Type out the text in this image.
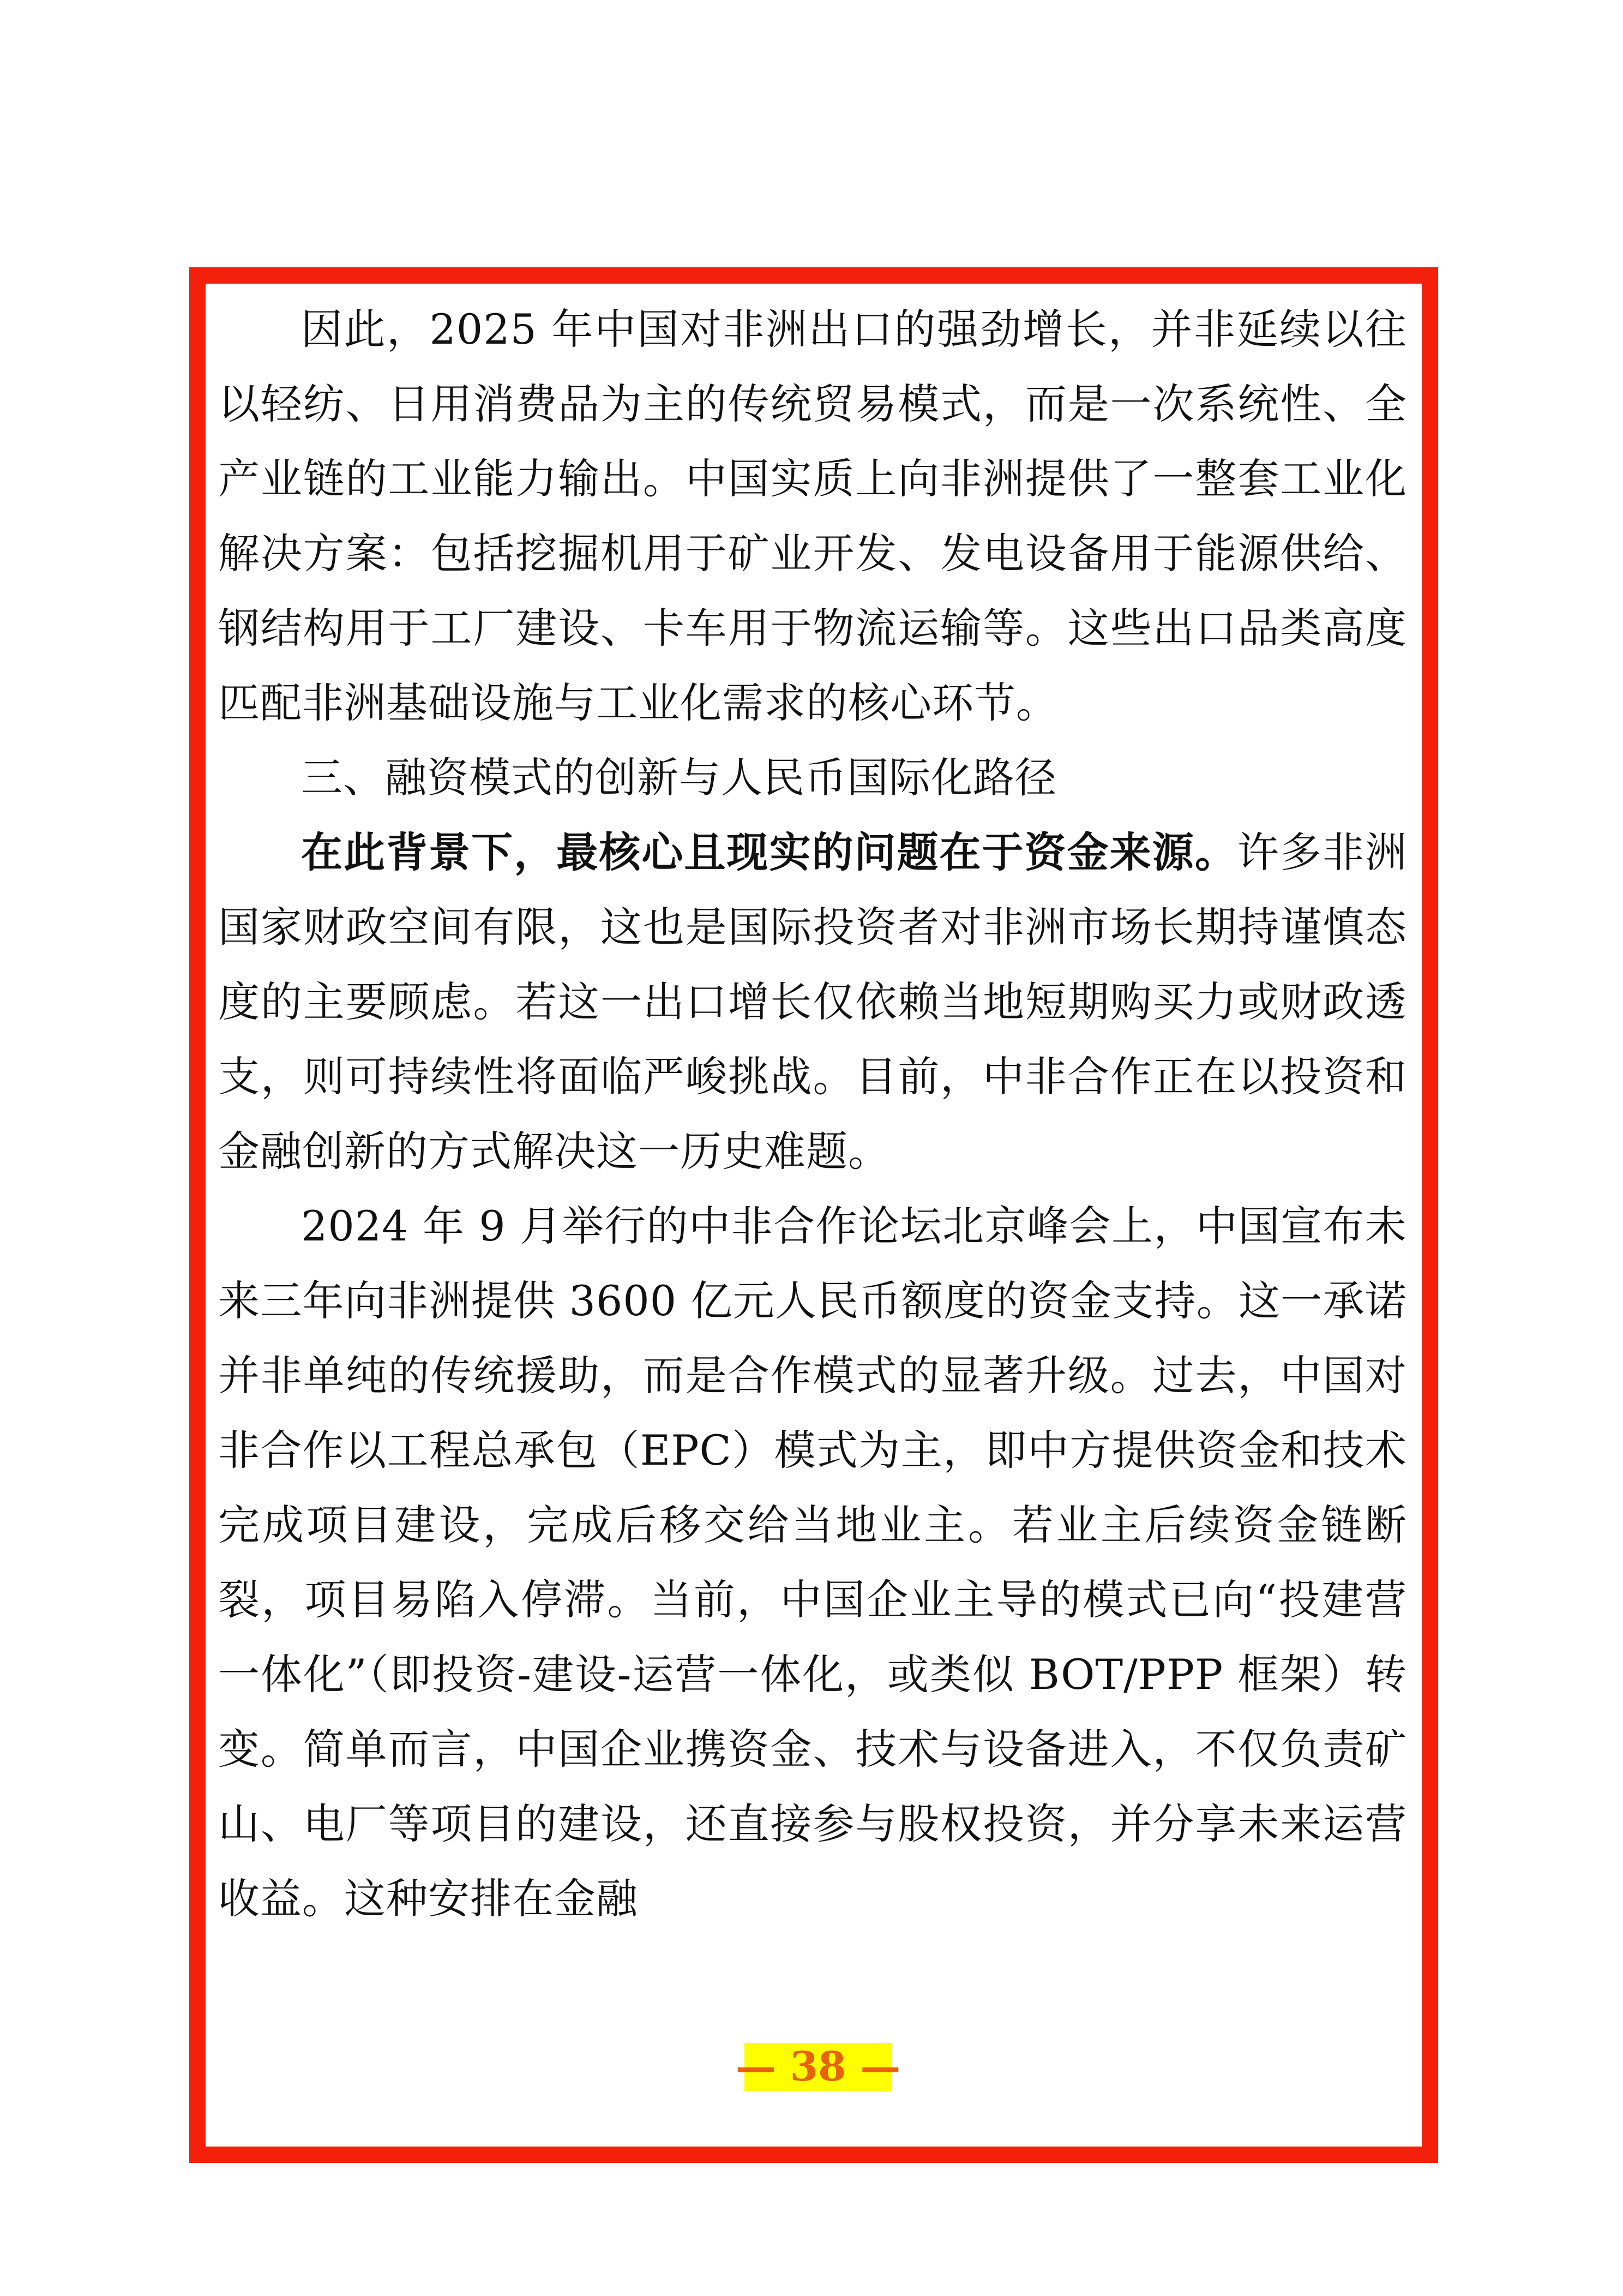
因此，2025 年中国对非洲出口的强劲增长，并非延续以往以轻纺、日用消费品为主的传统贸易模式，而是一次系统性、全产业链的工业能力输出。中国实质上向非洲提供了一整套工业化解决方案：包括挖掘机用于矿业开发、发电设备用于能源供给、钢结构用于工厂建设、卡车用于物流运输等。这些出口品类高度匹配非洲基础设施与工业化需求的核心环节。

三、融资模式的创新与人民币国际化路径

在此背景下，最核心且现实的问题在于资金来源。许多非洲国家财政空间有限，这也是国际投资者对非洲市场长期持谨慎态度的主要顾虑。若这一出口增长仅依赖当地短期购买力或财政透支，则可持续性将面临严峻挑战。目前，中非合作正在以投资和金融创新的方式解决这一历史难题。

2024 年 9 月举行的中非合作论坛北京峰会上，中国宣布未来三年向非洲提供 3600 亿元人民币额度的资金支持。这一承诺并非单纯的传统援助，而是合作模式的显著升级。过去，中国对非合作以工程总承包（EPC）模式为主，即中方提供资金和技术完成项目建设，完成后移交给当地业主。若业主后续资金链断裂，项目易陷入停滞。当前，中国企业主导的模式已向“投建营一体化”（即投资-建设-运营一体化，或类似 BOT/PPP 框架）转变。简单而言，中国企业携资金、技术与设备进入，不仅负责矿山、电厂等项目的建设，还直接参与股权投资，并分享未来运营收益。这种安排在金融

— 38 —
